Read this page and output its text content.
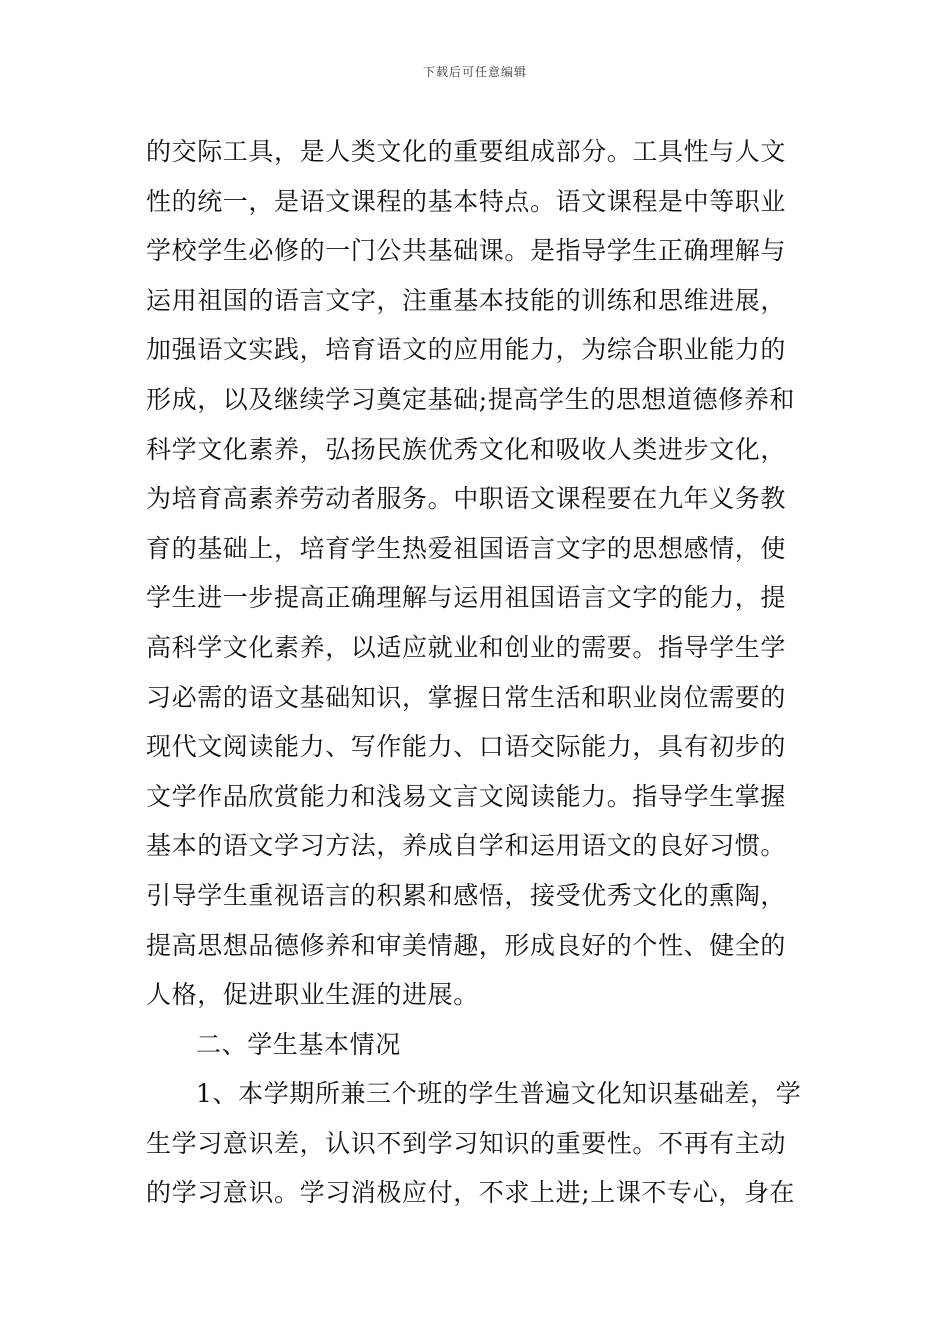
下载后可任意编辑
的交际工具，是人类文化的重要组成部分。工具性与人文
性的统一，是语文课程的基本特点。语文课程是中等职业
学校学生必修的一门公共基础课。是指导学生正确理解与
运用祖国的语言文字，注重基本技能的训练和思维进展，
加强语文实践，培育语文的应用能力，为综合职业能力的
形成，以及继续学习奠定基础;提高学生的思想道德修养和
科学文化素养，弘扬民族优秀文化和吸收人类进步文化，
为培育高素养劳动者服务。中职语文课程要在九年义务教
育的基础上，培育学生热爱祖国语言文字的思想感情，使
学生进一步提高正确理解与运用祖国语言文字的能力，提
高科学文化素养，以适应就业和创业的需要。指导学生学
习必需的语文基础知识，掌握日常生活和职业岗位需要的
现代文阅读能力、写作能力、口语交际能力，具有初步的
文学作品欣赏能力和浅易文言文阅读能力。指导学生掌握
基本的语文学习方法，养成自学和运用语文的良好习惯。
引导学生重视语言的积累和感悟，接受优秀文化的熏陶，
提高思想品德修养和审美情趣，形成良好的个性、健全的
人格，促进职业生涯的进展。
二、学生基本情况
1、本学期所兼三个班的学生普遍文化知识基础差，学
生学习意识差，认识不到学习知识的重要性。不再有主动
的学习意识。学习消极应付，不求上进;上课不专心，身在
